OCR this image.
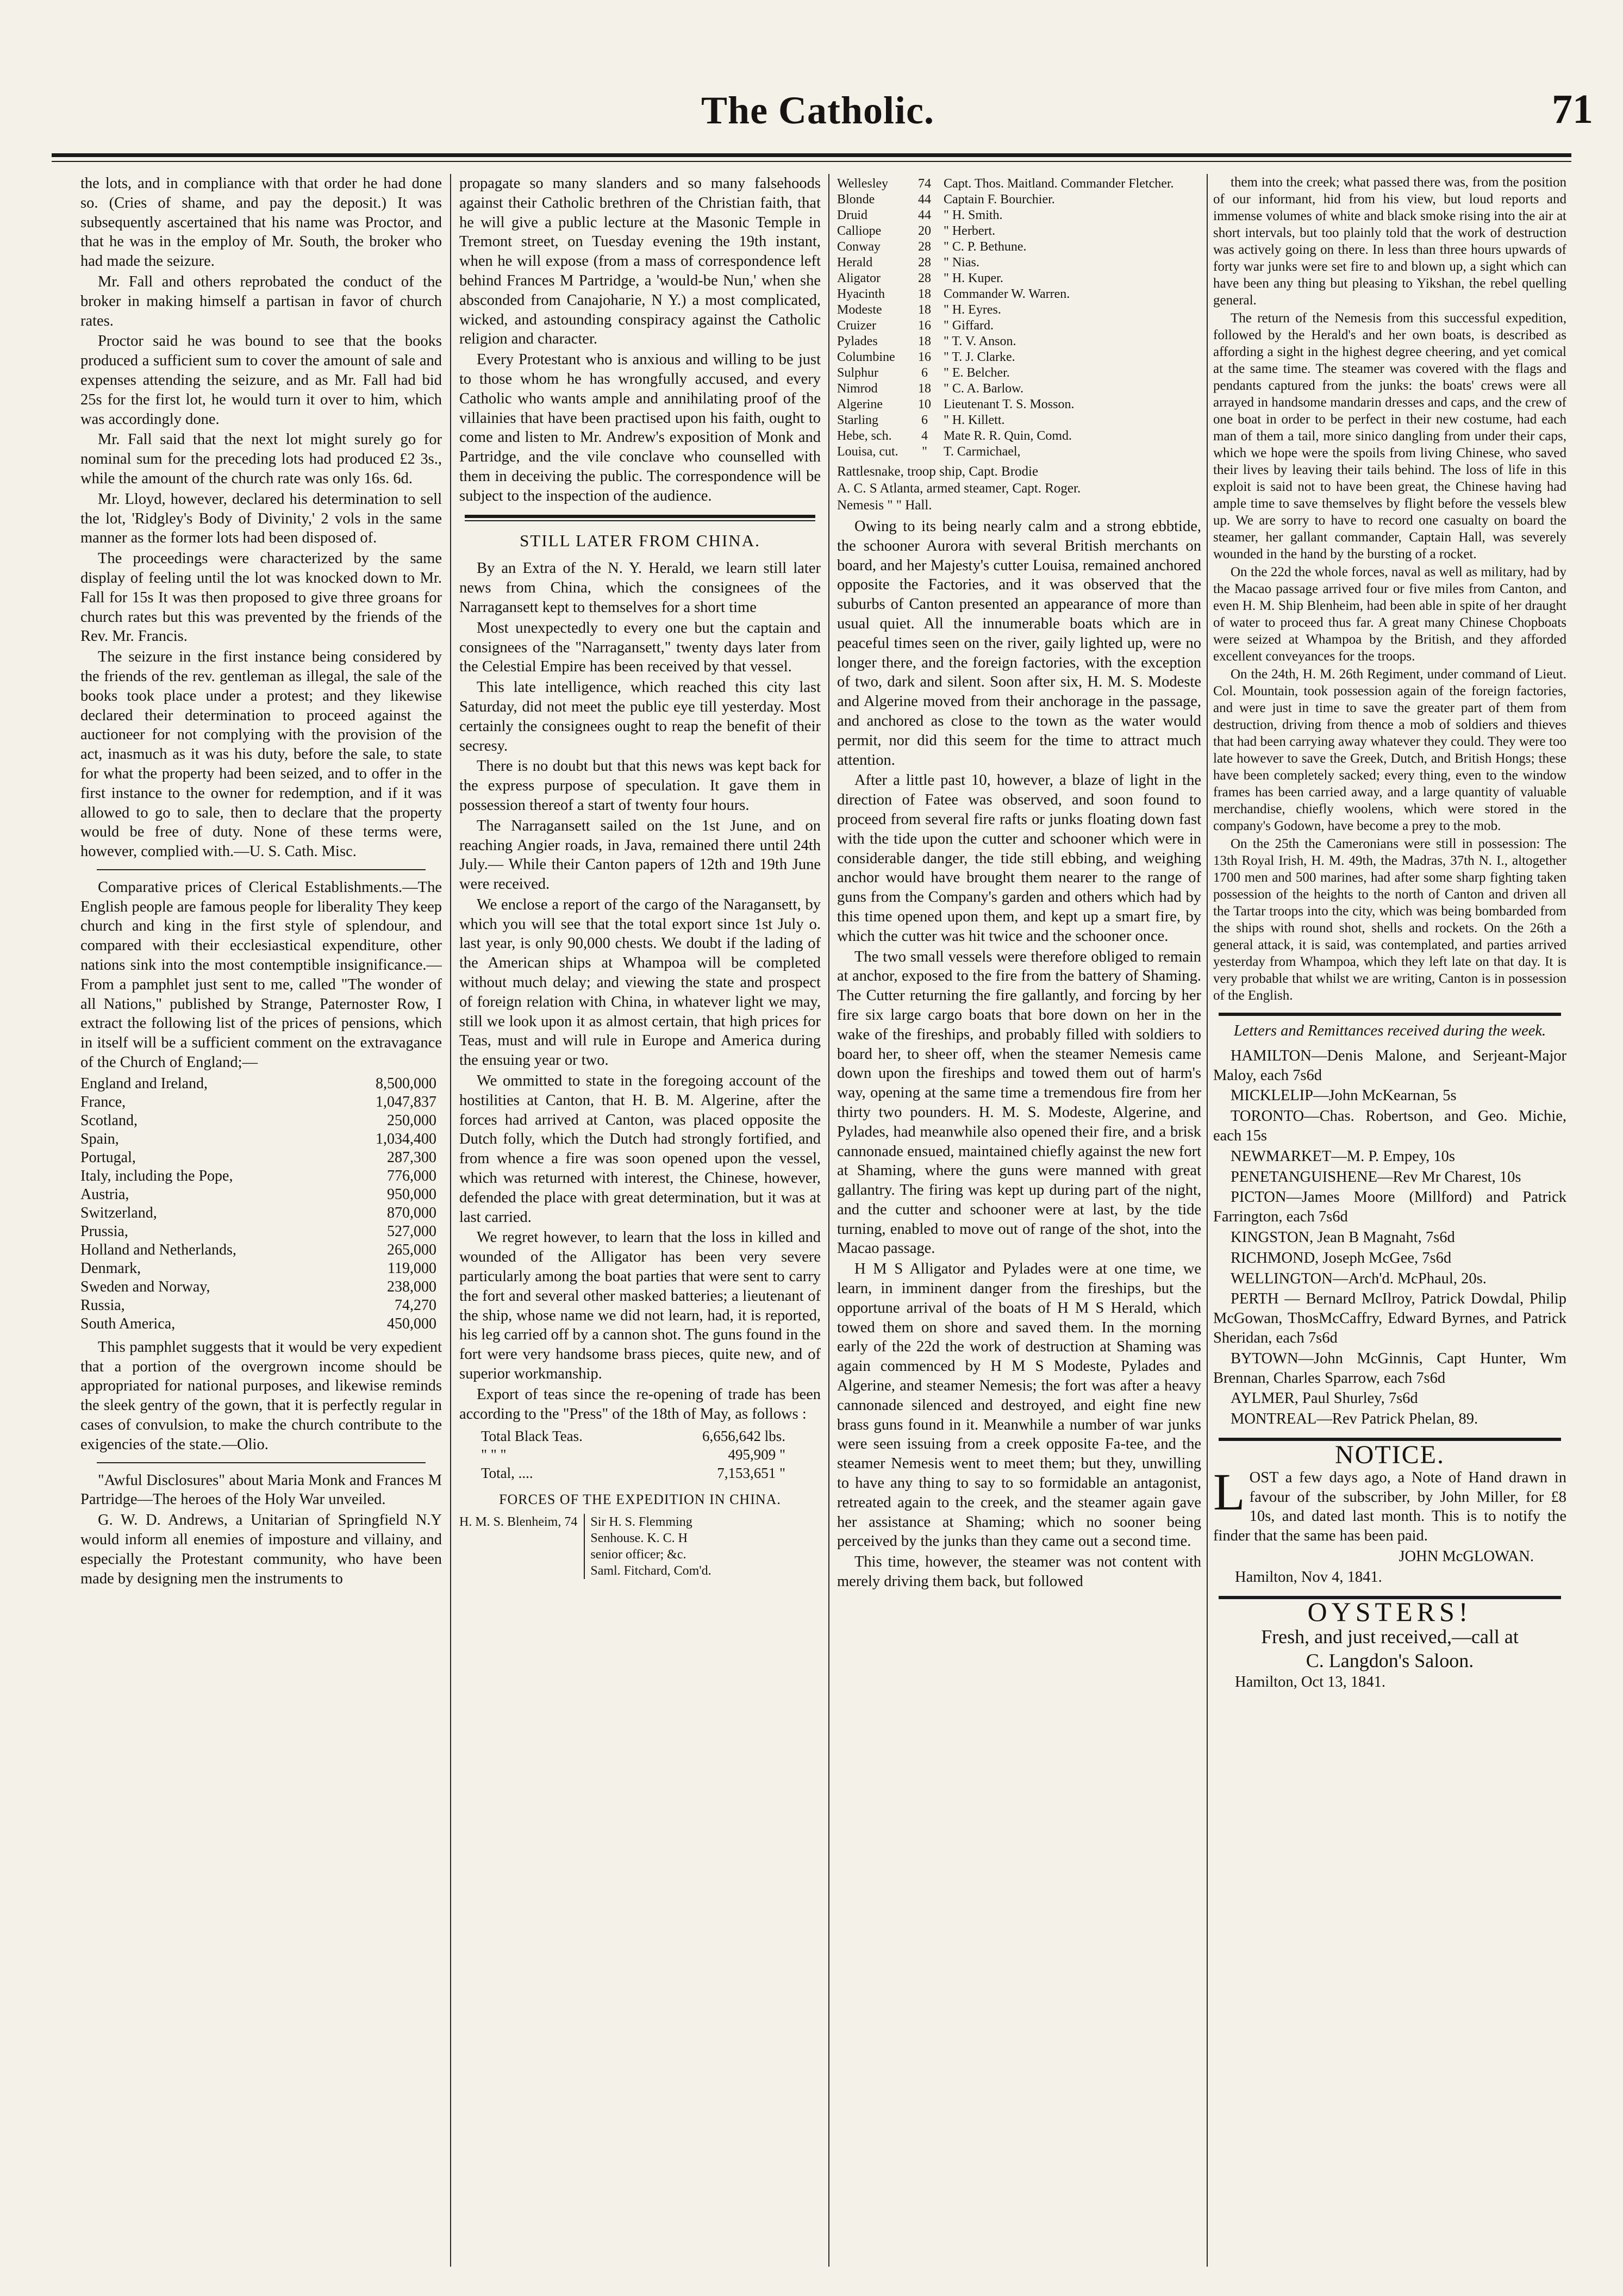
The Catholic.	71

the lots, and in compliance with that order he had done so. (Cries of shame, and pay the deposit.) It was subsequently ascertained that his name was Proctor, and that he was in the employ of Mr. South, the broker who had made the seizure.

Mr. Fall and others reprobated the conduct of the broker in making himself a partisan in favor of church rates.

Proctor said he was bound to see that the books produced a sufficient sum to cover the amount of sale and expenses attending the seizure, and as Mr. Fall had bid 25s for the first lot, he would turn it over to him, which was accordingly done.

Mr. Fall said that the next lot might surely go for nominal sum for the preceding lots had produced £2 3s., while the amount of the church rate was only 16s. 6d.

Mr. Lloyd, however, declared his determination to sell the lot, 'Ridgley's Body of Divinity,' 2 vols in the same manner as the former lots had been disposed of.

The proceedings were characterized by the same display of feeling until the lot was knocked down to Mr. Fall for 15s It was then proposed to give three groans for church rates but this was prevented by the friends of the Rev. Mr. Francis.

The seizure in the first instance being considered by the friends of the rev. gentleman as illegal, the sale of the books took place under a protest; and they likewise declared their determination to proceed against the auctioneer for not complying with the provision of the act, inasmuch as it was his duty, before the sale, to state for what the property had been seized, and to offer in the first instance to the owner for redemption, and if it was allowed to go to sale, then to declare that the property would be free of duty. None of these terms were, however, complied with.—U. S. Cath. Misc.

Comparative prices of Clerical Establishments.—The English people are famous people for liberality They keep church and king in the first style of splendour, and compared with their ecclesiastical expenditure, other nations sink into the most contemptible insignificance.— From a pamphlet just sent to me, called "The wonder of all Nations," published by Strange, Paternoster Row, I extract the following list of the prices of pensions, which in itself will be a sufficient comment on the extravagance of the Church of England;—

England and Ireland,	8,500,000
France,	1,047,837
Scotland,	250,000
Spain,	1,034,400
Portugal,	287,300
Italy, including the Pope,	776,000
Austria,	950,000
Switzerland,	870,000
Prussia,	527,000
Holland and Netherlands,	265,000
Denmark,	119,000
Sweden and Norway,	238,000
Russia,	74,270
South America,	450,000

This pamphlet suggests that it would be very expedient that a portion of the overgrown income should be appropriated for national purposes, and likewise reminds the sleek gentry of the gown, that it is perfectly regular in cases of convulsion, to make the church contribute to the exigencies of the state.—Olio.

"Awful Disclosures" about Maria Monk and Frances M Partridge—The heroes of the Holy War unveiled.

G. W. D. Andrews, a Unitarian of Springfield N.Y would inform all enemies of imposture and villainy, and especially the Protestant community, who have been made by designing men the instruments to

propagate so many slanders and so many falsehoods against their Catholic brethren of the Christian faith, that he will give a public lecture at the Masonic Temple in Tremont street, on Tuesday evening the 19th instant, when he will expose (from a mass of correspondence left behind Frances M Partridge, a 'would-be Nun,' when she absconded from Canajoharie, N Y.) a most complicated, wicked, and astounding conspiracy against the Catholic religion and character.

Every Protestant who is anxious and willing to be just to those whom he has wrongfully accused, and every Catholic who wants ample and annihilating proof of the villainies that have been practised upon his faith, ought to come and listen to Mr. Andrew's exposition of Monk and Partridge, and the vile conclave who counselled with them in deceiving the public. The correspondence will be subject to the inspection of the audience.

STILL LATER FROM CHINA.

By an Extra of the N. Y. Herald, we learn still later news from China, which the consignees of the Narragansett kept to themselves for a short time

Most unexpectedly to every one but the captain and consignees of the "Narragansett," twenty days later from the Celestial Empire has been received by that vessel.

This late intelligence, which reached this city last Saturday, did not meet the public eye till yesterday. Most certainly the consignees ought to reap the benefit of their secresy.

There is no doubt but that this news was kept back for the express purpose of speculation. It gave them in possession thereof a start of twenty four hours.

The Narragansett sailed on the 1st June, and on reaching Angier roads, in Java, remained there until 24th July.— While their Canton papers of 12th and 19th June were received.

We enclose a report of the cargo of the Naragansett, by which you will see that the total export since 1st July o. last year, is only 90,000 chests. We doubt if the lading of the American ships at Whampoa will be completed without much delay; and viewing the state and prospect of foreign relation with China, in whatever light we may, still we look upon it as almost certain, that high prices for Teas, must and will rule in Europe and America during the ensuing year or two.

We ommitted to state in the foregoing account of the hostilities at Canton, that H. B. M. Algerine, after the forces had arrived at Canton, was placed opposite the Dutch folly, which the Dutch had strongly fortified, and from whence a fire was soon opened upon the vessel, which was returned with interest, the Chinese, however, defended the place with great determination, but it was at last carried.

We regret however, to learn that the loss in killed and wounded of the Alligator has been very severe particularly among the boat parties that were sent to carry the fort and several other masked batteries; a lieutenant of the ship, whose name we did not learn, had, it is reported, his leg carried off by a cannon shot. The guns found in the fort were very handsome brass pieces, quite new, and of superior workmanship.

Export of teas since the re-opening of trade has been according to the "Press" of the 18th of May, as follows :

Total Black Teas.	6,656,642 lbs.
" " "	495,909 "
Total, ....	7,153,651 "
FORCES OF THE EXPEDITION IN CHINA.
H. M. S. Blenheim, 74 Sir H. S. Flemming
Senhouse. K. C. H
senior officer; &c.
Saml. Fitchard, Com'd.
Wellesley	74	Capt. Thos. Maitland. Commander Fletcher.
Blonde	44	Captain F. Bourchier.
Druid	44	" H. Smith.
Calliope	20	" Herbert.
Conway	28	" C. P. Bethune.
Herald	28	" Nias.
Aligator	28	" H. Kuper.
Hyacinth	18	Commander W. Warren.
Modeste	18	" H. Eyres.
Cruizer	16	" Giffard.
Pylades	18	" T. V. Anson.
Columbine	16	" T. J. Clarke.
Sulphur	6	" E. Belcher.
Nimrod	18	" C. A. Barlow.
Algerine	10	Lieutenant T. S. Mosson.
Starling	6	" H. Killett.
Hebe, sch.	4	Mate R. R. Quin, Comd.
Louisa, cut.	"	T. Carmichael,
Rattlesnake, troop ship, Capt. Brodie
A. C. S Atlanta, armed steamer, Capt. Roger.
Nemesis " " Hall.

Owing to its being nearly calm and a strong ebbtide, the schooner Aurora with several British merchants on board, and her Majesty's cutter Louisa, remained anchored opposite the Factories, and it was observed that the suburbs of Canton presented an appearance of more than usual quiet. All the innumerable boats which are in peaceful times seen on the river, gaily lighted up, were no longer there, and the foreign factories, with the exception of two, dark and silent. Soon after six, H. M. S. Modeste and Algerine moved from their anchorage in the passage, and anchored as close to the town as the water would permit, nor did this seem for the time to attract much attention.

After a little past 10, however, a blaze of light in the direction of Fatee was observed, and soon found to proceed from several fire rafts or junks floating down fast with the tide upon the cutter and schooner which were in considerable danger, the tide still ebbing, and weighing anchor would have brought them nearer to the range of guns from the Company's garden and others which had by this time opened upon them, and kept up a smart fire, by which the cutter was hit twice and the schooner once.

The two small vessels were therefore obliged to remain at anchor, exposed to the fire from the battery of Shaming. The Cutter returning the fire gallantly, and forcing by her fire six large cargo boats that bore down on her in the wake of the fireships, and probably filled with soldiers to board her, to sheer off, when the steamer Nemesis came down upon the fireships and towed them out of harm's way, opening at the same time a tremendous fire from her thirty two pounders. H. M. S. Modeste, Algerine, and Pylades, had meanwhile also opened their fire, and a brisk cannonade ensued, maintained chiefly against the new fort at Shaming, where the guns were manned with great gallantry. The firing was kept up during part of the night, and the cutter and schooner were at last, by the tide turning, enabled to move out of range of the shot, into the Macao passage.

H M S Alligator and Pylades were at one time, we learn, in imminent danger from the fireships, but the opportune arrival of the boats of H M S Herald, which towed them on shore and saved them. In the morning early of the 22d the work of destruction at Shaming was again commenced by H M S Modeste, Pylades and Algerine, and steamer Nemesis; the fort was after a heavy cannonade silenced and destroyed, and eight fine new brass guns found in it. Meanwhile a number of war junks were seen issuing from a creek opposite Fa-tee, and the steamer Nemesis went to meet them; but they, unwilling to have any thing to say to so formidable an antagonist, retreated again to the creek, and the steamer again gave her assistance at Shaming; which no sooner being perceived by the junks than they came out a second time.

This time, however, the steamer was not content with merely driving them back, but followed

them into the creek; what passed there was, from the position of our informant, hid from his view, but loud reports and immense volumes of white and black smoke rising into the air at short intervals, but too plainly told that the work of destruction was actively going on there. In less than three hours upwards of forty war junks were set fire to and blown up, a sight which can have been any thing but pleasing to Yikshan, the rebel quelling general.

The return of the Nemesis from this successful expedition, followed by the Herald's and her own boats, is described as affording a sight in the highest degree cheering, and yet comical at the same time. The steamer was covered with the flags and pendants captured from the junks: the boats' crews were all arrayed in handsome mandarin dresses and caps, and the crew of one boat in order to be perfect in their new costume, had each man of them a tail, more sinico dangling from under their caps, which we hope were the spoils from living Chinese, who saved their lives by leaving their tails behind. The loss of life in this exploit is said not to have been great, the Chinese having had ample time to save themselves by flight before the vessels blew up. We are sorry to have to record one casualty on board the steamer, her gallant commander, Captain Hall, was severely wounded in the hand by the bursting of a rocket.

On the 22d the whole forces, naval as well as military, had by the Macao passage arrived four or five miles from Canton, and even H. M. Ship Blenheim, had been able in spite of her draught of water to proceed thus far. A great many Chinese Chopboats were seized at Whampoa by the British, and they afforded excellent conveyances for the troops.

On the 24th, H. M. 26th Regiment, under command of Lieut. Col. Mountain, took possession again of the foreign factories, and were just in time to save the greater part of them from destruction, driving from thence a mob of soldiers and thieves that had been carrying away whatever they could. They were too late however to save the Greek, Dutch, and British Hongs; these have been completely sacked; every thing, even to the window frames has been carried away, and a large quantity of valuable merchandise, chiefly woolens, which were stored in the company's Godown, have become a prey to the mob.

On the 25th the Cameronians were still in possession: The 13th Royal Irish, H. M. 49th, the Madras, 37th N. I., altogether 1700 men and 500 marines, had after some sharp fighting taken possession of the heights to the north of Canton and driven all the Tartar troops into the city, which was being bombarded from the ships with round shot, shells and rockets. On the 26th a general attack, it is said, was contemplated, and parties arrived yesterday from Whampoa, which they left late on that day. It is very probable that whilst we are writing, Canton is in possession of the English.

Letters and Remittances received during the week.

HAMILTON—Denis Malone, and Serjeant-Major Maloy, each 7s6d

MICKLELIP—John McKearnan, 5s

TORONTO—Chas. Robertson, and Geo. Michie, each 15s

NEWMARKET—M. P. Empey, 10s

PENETANGUISHENE—Rev Mr Charest, 10s

PICTON—James Moore (Millford) and Patrick Farrington, each 7s6d

KINGSTON, Jean B Magnaht, 7s6d

RICHMOND, Joseph McGee, 7s6d

WELLINGTON—Arch'd. McPhaul, 20s.

PERTH — Bernard McIlroy, Patrick Dowdal, Philip McGowan, ThosMcCaffry, Edward Byrnes, and Patrick Sheridan, each 7s6d

BYTOWN—John McGinnis, Capt Hunter, Wm Brennan, Charles Sparrow, each 7s6d

AYLMER, Paul Shurley, 7s6d

MONTREAL—Rev Patrick Phelan, 89.

NOTICE.

LOST a few days ago, a Note of Hand drawn in favour of the subscriber, by John Miller, for £8 10s, and dated last month. This is to notify the finder that the same has been paid.

JOHN McGLOWAN.

Hamilton, Nov 4, 1841.

OYSTERS!
Fresh, and just received,—call at
C. Langdon's Saloon.

Hamilton, Oct 13, 1841.
